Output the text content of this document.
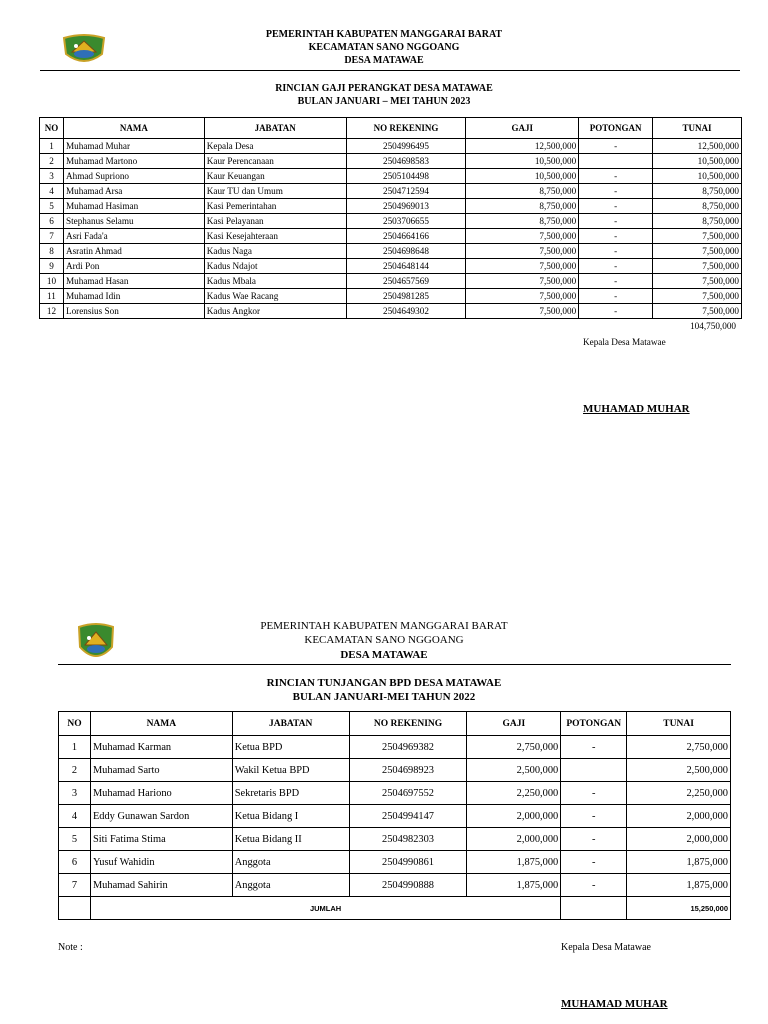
PEMERINTAH KABUPATEN MANGGARAI BARAT
KECAMATAN SANO NGGOANG
DESA MATAWAE
RINCIAN GAJI PERANGKAT DESA MATAWAE
BULAN JANUARI – MEI TAHUN 2023
NO	NAMA	JABATAN	NO REKENING	GAJI	POTONGAN	TUNAI
1	Muhamad Muhar	Kepala Desa	2504996495	12,500,000	-	12,500,000
2	Muhamad Martono	Kaur Perencanaan	2504698583	10,500,000		10,500,000
3	Ahmad Supriono	Kaur Keuangan	2505104498	10,500,000	-	10,500,000
4	Muhamad Arsa	Kaur TU dan Umum	2504712594	8,750,000	-	8,750,000
5	Muhamad Hasiman	Kasi Pemerintahan	2504969013	8,750,000	-	8,750,000
6	Stephanus Selamu	Kasi Pelayanan	2503706655	8,750,000	-	8,750,000
7	Asri Fada'a	Kasi Kesejahteraan	2504664166	7,500,000	-	7,500,000
8	Asratin Ahmad	Kadus Naga	2504698648	7,500,000	-	7,500,000
9	Ardi Pon	Kadus Ndajot	2504648144	7,500,000	-	7,500,000
10	Muhamad Hasan	Kadus Mbala	2504657569	7,500,000	-	7,500,000
11	Muhamad Idin	Kadus Wae Racang	2504981285	7,500,000	-	7,500,000
12	Lorensius Son	Kadus Angkor	2504649302	7,500,000	-	7,500,000
104,750,000
Kepala Desa Matawae
MUHAMAD MUHAR
PEMERINTAH KABUPATEN MANGGARAI BARAT
KECAMATAN SANO NGGOANG
DESA MATAWAE
RINCIAN TUNJANGAN BPD DESA MATAWAE
BULAN JANUARI-MEI TAHUN 2022
NO	NAMA	JABATAN	NO REKENING	GAJI	POTONGAN	TUNAI
1	Muhamad Karman	Ketua BPD	2504969382	2,750,000	-	2,750,000
2	Muhamad Sarto	Wakil Ketua BPD	2504698923	2,500,000		2,500,000
3	Muhamad Hariono	Sekretaris BPD	2504697552	2,250,000	-	2,250,000
4	Eddy Gunawan Sardon	Ketua Bidang I	2504994147	2,000,000	-	2,000,000
5	Siti Fatima Stima	Ketua Bidang II	2504982303	2,000,000	-	2,000,000
6	Yusuf Wahidin	Anggota	2504990861	1,875,000	-	1,875,000
7	Muhamad Sahirin	Anggota	2504990888	1,875,000	-	1,875,000
	JUMLAH					15,250,000
Note :	Kepala Desa Matawae
MUHAMAD MUHAR
